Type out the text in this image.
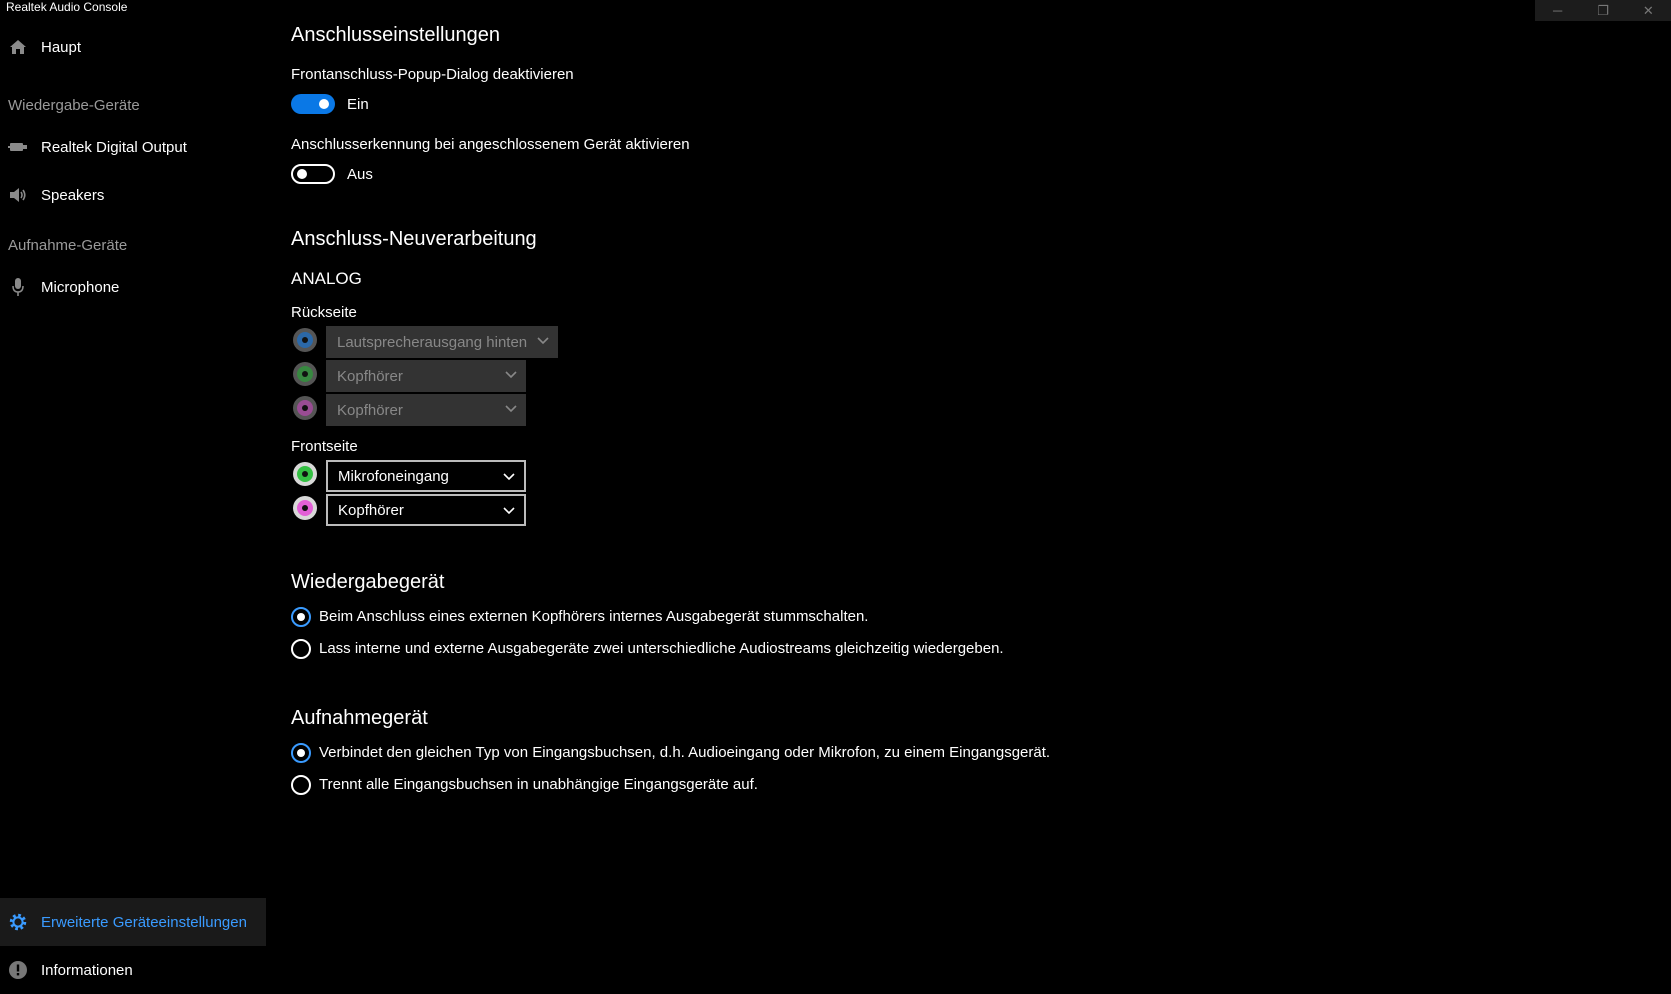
Realtek Audio Console	─	❐	✕
Haupt
Wiedergabe-Geräte
Realtek Digital Output
Speakers
Aufnahme-Geräte
Microphone
Erweiterte Geräteeinstellungen
Informationen
Anschlusseinstellungen
Frontanschluss-Popup-Dialog deaktivieren
Ein
Anschlusserkennung bei angeschlossenem Gerät aktivieren
Aus
Anschluss-Neuverarbeitung
ANALOG
Rückseite
Lautsprecherausgang hinten
Kopfhörer
Kopfhörer
Frontseite
Mikrofoneingang
Kopfhörer
Wiedergabegerät
Beim Anschluss eines externen Kopfhörers internes Ausgabegerät stummschalten.
Lass interne und externe Ausgabegeräte zwei unterschiedliche Audiostreams gleichzeitig wiedergeben.
Aufnahmegerät
Verbindet den gleichen Typ von Eingangsbuchsen, d.h. Audioeingang oder Mikrofon, zu einem Eingangsgerät.
Trennt alle Eingangsbuchsen in unabhängige Eingangsgeräte auf.
